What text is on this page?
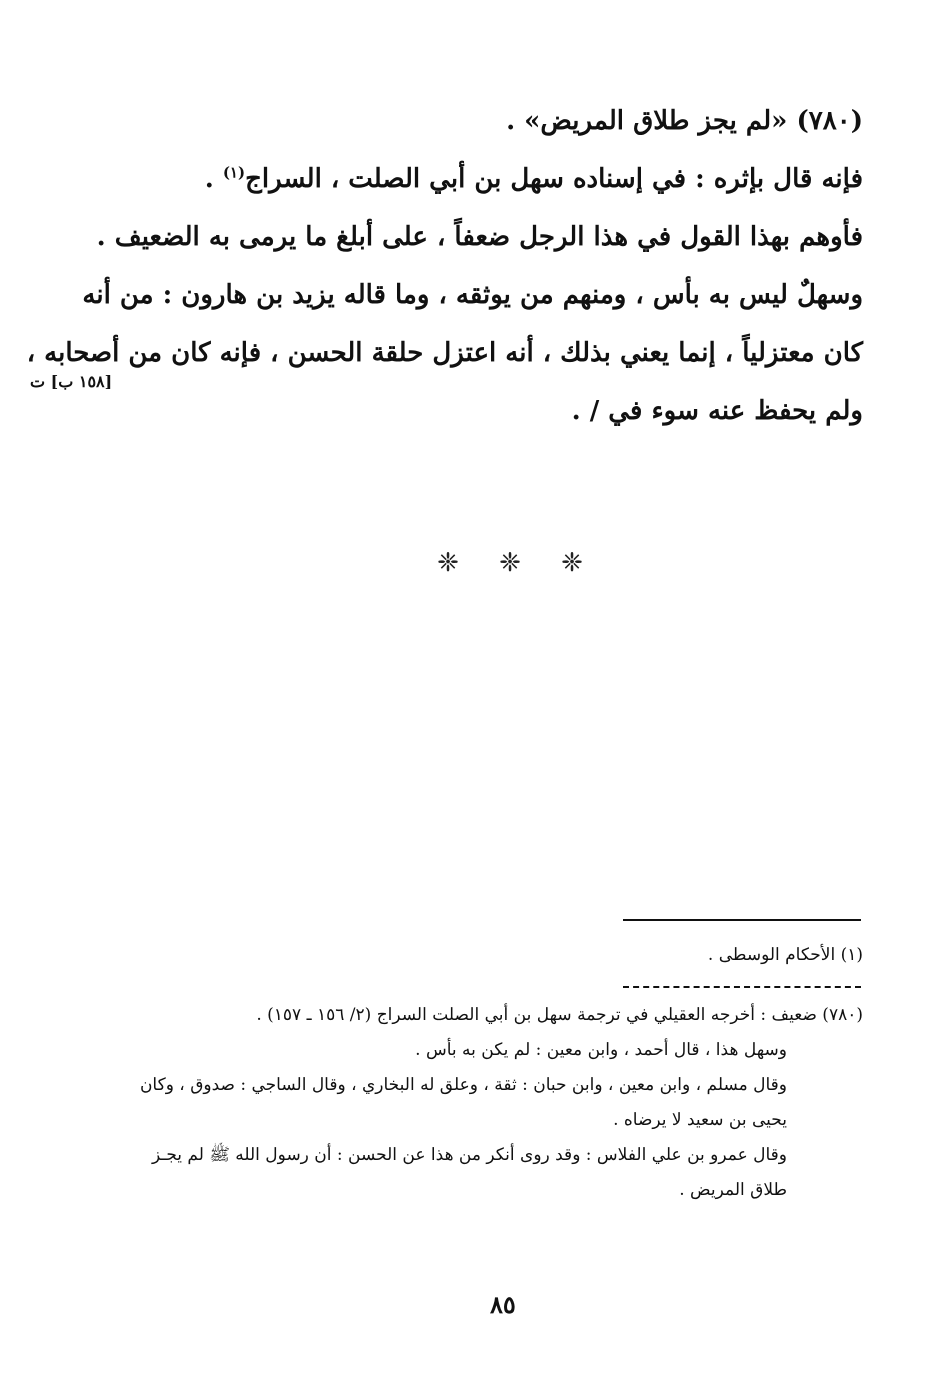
(٧٨٠) «لم يجز طلاق المريض» .
فإنه قال بإثره : في إسناده سهل بن أبي الصلت ، السراج$^{(١)}$ .
فأوهم بهذا القول في هذا الرجل ضعفاً ، على أبلغ ما يرمى به الضعيف .
وسهلٌ ليس به بأس ، ومنهم من يوثقه ، وما قاله يزيد بن هارون : من أنه
كان معتزلياً ، إنما يعني بذلك ، أنه اعتزل حلقة الحسن ، فإنه كان من أصحابه ،
ولم يحفظ عنه سوء في / .
[١٥٨ ب] ت
❈ ❈ ❈
(١) الأحكام الوسطى .
(٧٨٠) ضعيف : أخرجه العقيلي في ترجمة سهل بن أبي الصلت السراج (٢/ ١٥٦ ـ ١٥٧) .
وسهل هذا ، قال أحمد ، وابن معين : لم يكن به بأس .
وقال مسلم ، وابن معين ، وابن حبان : ثقة ، وعلق له البخاري ، وقال الساجي : صدوق ، وكان
يحيى بن سعيد لا يرضاه .
وقال عمرو بن علي الفلاس : وقد روى أنكر من هذا عن الحسن : أن رسول الله ﷺ لم يجـز
طلاق المريض .
٨٥
